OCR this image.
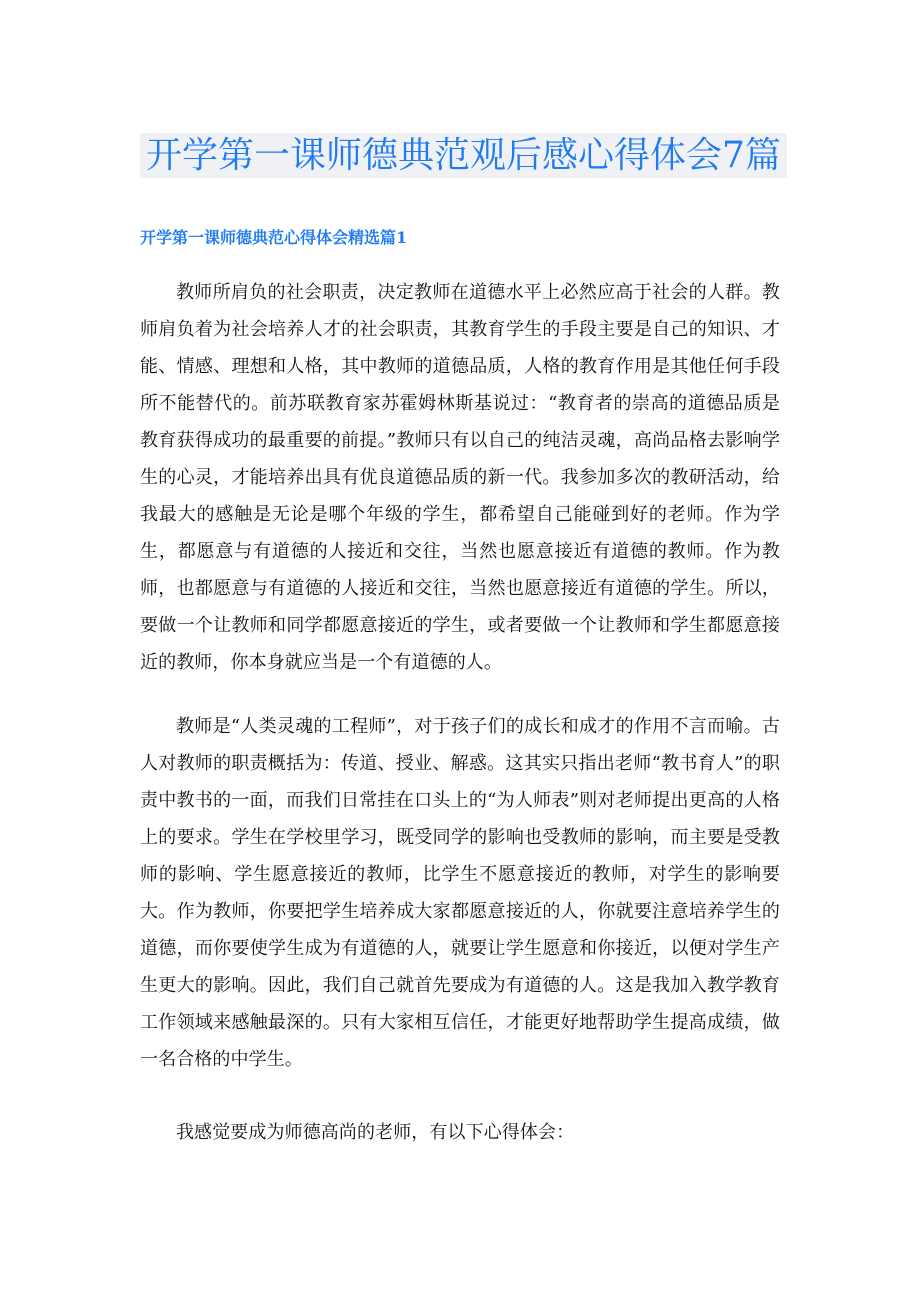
开学第一课师德典范观后感心得体会7篇
开学第一课师德典范心得体会精选篇1

教师所肩负的社会职责，决定教师在道德水平上必然应高于社会的人群。教师肩负着为社会培养人才的社会职责，其教育学生的手段主要是自己的知识、才能、情感、理想和人格，其中教师的道德品质，人格的教育作用是其他任何手段所不能替代的。前苏联教育家苏霍姆林斯基说过：“教育者的崇高的道德品质是教育获得成功的最重要的前提。”教师只有以自己的纯洁灵魂，高尚品格去影响学生的心灵，才能培养出具有优良道德品质的新一代。我参加多次的教研活动，给我最大的感触是无论是哪个年级的学生，都希望自己能碰到好的老师。作为学生，都愿意与有道德的人接近和交往，当然也愿意接近有道德的教师。作为教师，也都愿意与有道德的人接近和交往，当然也愿意接近有道德的学生。所以，要做一个让教师和同学都愿意接近的学生，或者要做一个让教师和学生都愿意接近的教师，你本身就应当是一个有道德的人。

教师是“人类灵魂的工程师”，对于孩子们的成长和成才的作用不言而喻。古人对教师的职责概括为：传道、授业、解惑。这其实只指出老师“教书育人”的职责中教书的一面，而我们日常挂在口头上的“为人师表”则对老师提出更高的人格上的要求。学生在学校里学习，既受同学的影响也受教师的影响，而主要是受教师的影响、学生愿意接近的教师，比学生不愿意接近的教师，对学生的影响要大。作为教师，你要把学生培养成大家都愿意接近的人，你就要注意培养学生的道德，而你要使学生成为有道德的人，就要让学生愿意和你接近，以便对学生产生更大的影响。因此，我们自己就首先要成为有道德的人。这是我加入教学教育工作领域来感触最深的。只有大家相互信任，才能更好地帮助学生提高成绩，做一名合格的中学生。

我感觉要成为师德高尚的老师，有以下心得体会：
